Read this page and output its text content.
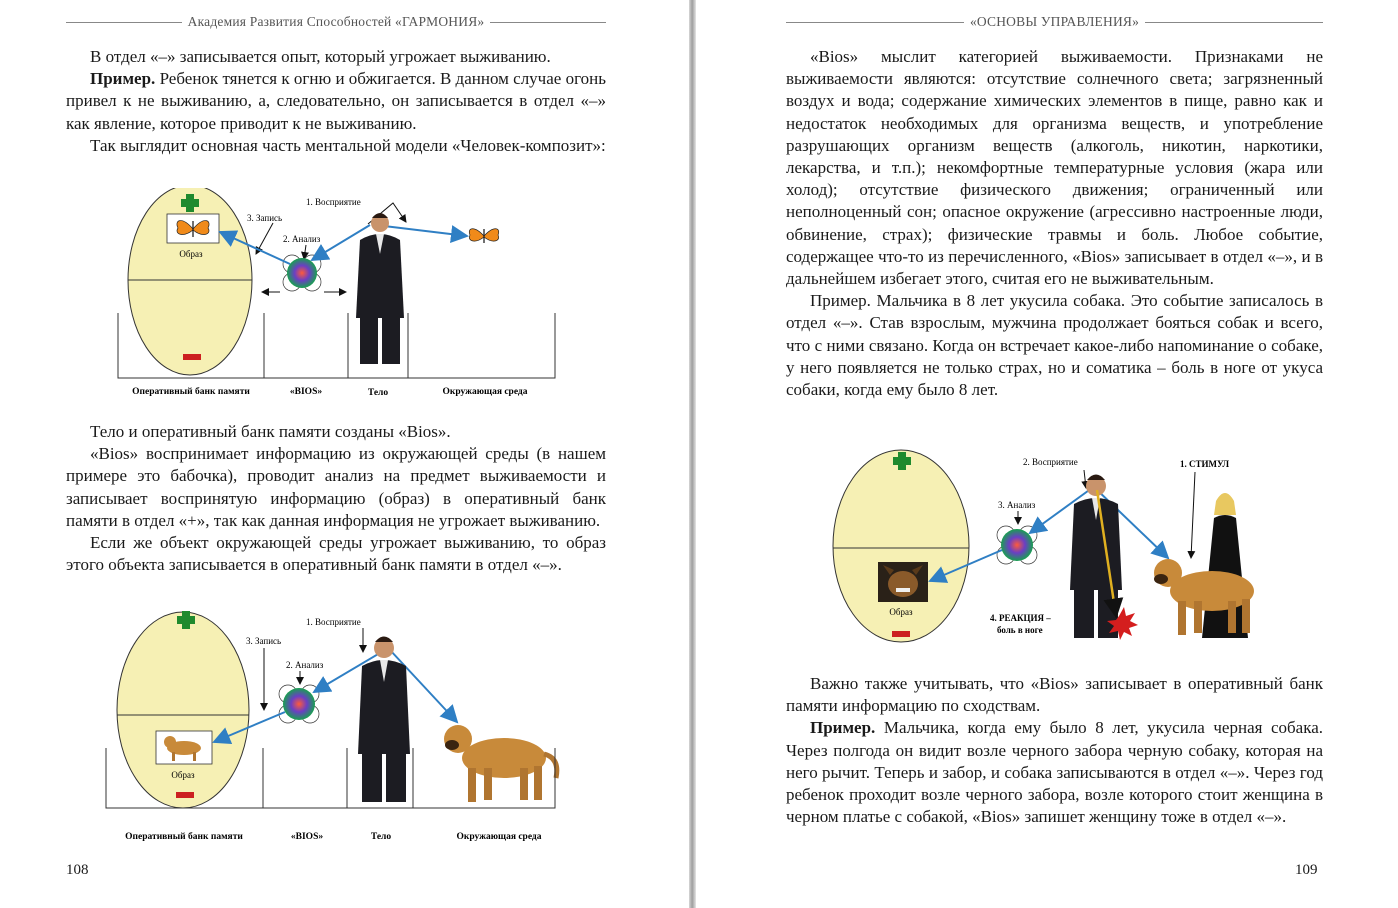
Академия Развития Способностей «ГАРМОНИЯ»

В отдел «‒» записывается опыт, который угрожает выживанию.

Пример. Ребенок тянется к огню и обжигается. В данном случае огонь привел к не выживанию, а, следовательно, он записывается в отдел «‒» как явление, которое приводит к не выживанию.

Так выглядит основная часть ментальной модели «Человек-композит»:

Образ
3. Запись
1. Восприятие
2. Анализ
Оперативный банк памяти	«BIOS»	Тело	Окружающая среда

Тело и оперативный банк памяти созданы «Bios».

«Bios» воспринимает информацию из окружающей среды (в нашем примере это бабочка), проводит анализ на предмет выживаемости и записывает воспринятую информацию (образ) в оперативный банк памяти в отдел «+», так как данная информация не угрожает выживанию.

Если же объект окружающей среды угрожает выживанию, то образ этого объекта записывается в оперативный банк памяти в отдел «‒».

Образ
3. Запись
1. Восприятие
2. Анализ
Оперативный банк памяти	«BIOS»	Тело	Окружающая среда
108
«ОСНОВЫ УПРАВЛЕНИЯ»

«Bios» мыслит категорией выживаемости. Признаками не выживаемости являются: отсутствие солнечного света; загрязненный воздух и вода; содержание химических элементов в пище, равно как и недостаток необходимых для организма веществ, и употребление разрушающих организм веществ (алкоголь, никотин, наркотики, лекарства, и т.п.); некомфортные температурные условия (жара или холод); отсутствие физического движения; ограниченный или неполноценный сон; опасное окружение (агрессивно настроенные люди, обвинение, страх); физические травмы и боль. Любое событие, содержащее что-то из перечисленного, «Bios» записывает в отдел «‒», и в дальнейшем избегает этого, считая его не выживательным.

Пример. Мальчика в 8 лет укусила собака. Это событие записалось в отдел «‒». Став взрослым, мужчина продолжает бояться собак и всего, что с ними связано. Когда он встречает какое-либо напоминание о собаке, у него появляется не только страх, но и соматика – боль в ноге от укуса собаки, когда ему было 8 лет.

Образ
2. Восприятие
3. Анализ
1. СТИМУЛ
4. РЕАКЦИЯ –
боль в ноге

Важно также учитывать, что «Bios» записывает в оперативный банк памяти информацию по сходствам.

Пример. Мальчика, когда ему было 8 лет, укусила черная собака. Через полгода он видит возле черного забора черную собаку, которая на него рычит. Теперь и забор, и собака записываются в отдел «‒». Через год ребенок проходит возле черного забора, возле которого стоит женщина в черном платье с собакой, «Bios» запишет женщину тоже в отдел «‒».

109
